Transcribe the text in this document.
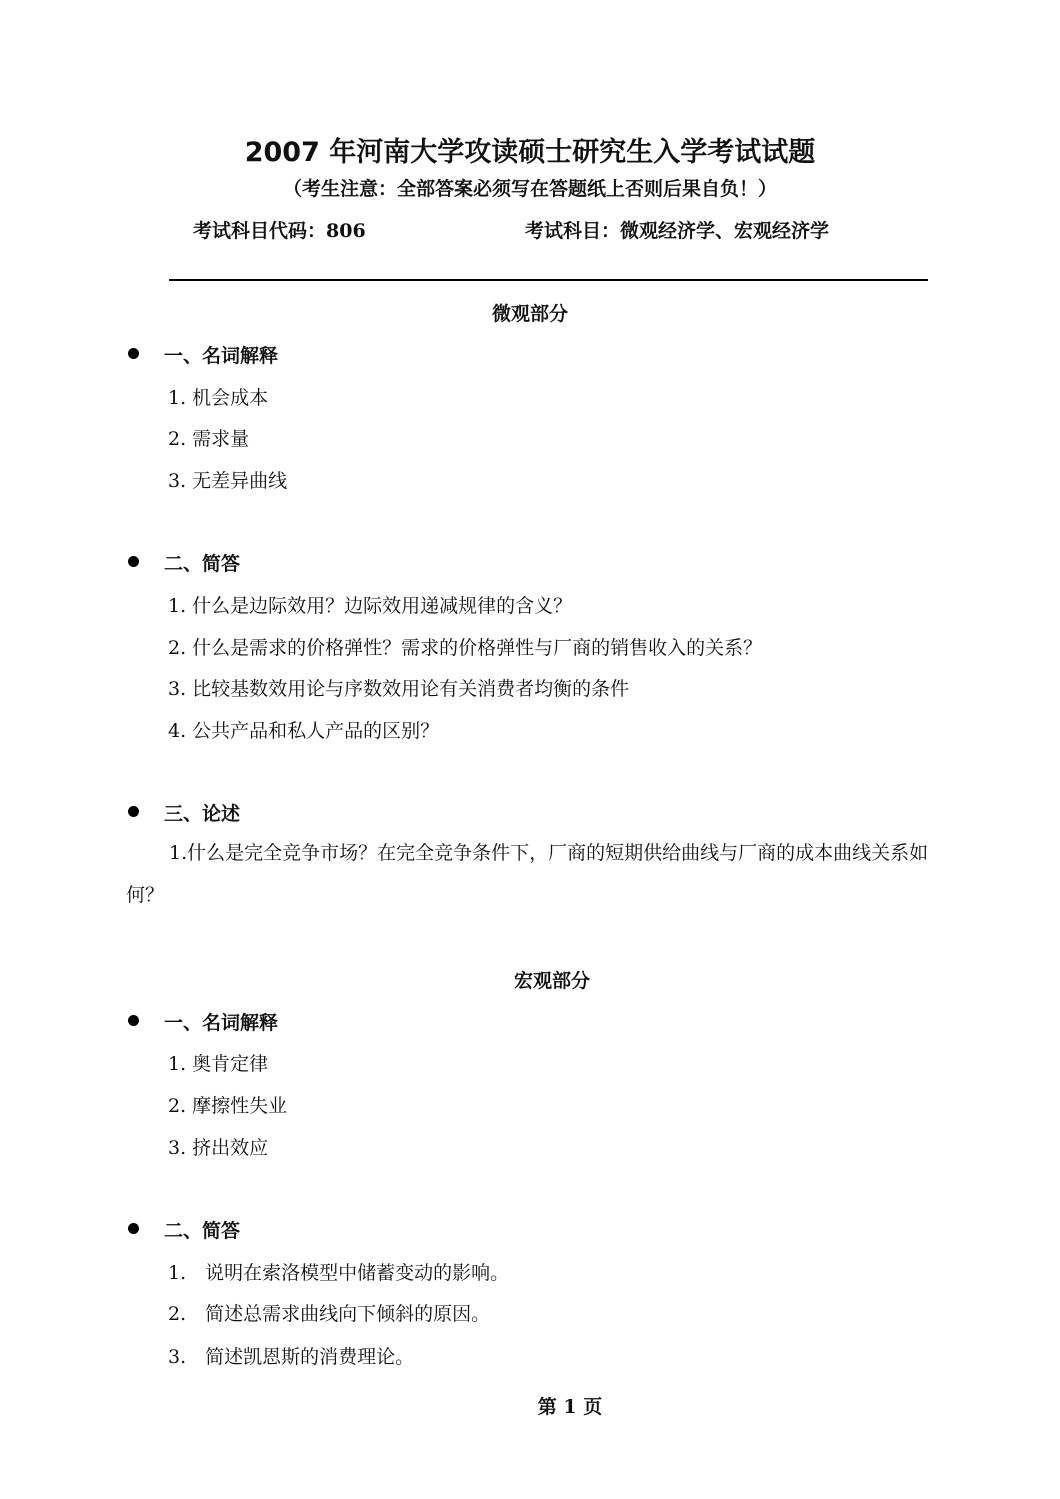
2007 年河南大学攻读硕士研究生入学考试试题
（考生注意：全部答案必须写在答题纸上否则后果自负！）
考试科目代码：806	考试科目：微观经济学、宏观经济学
微观部分
一、名词解释
1. 机会成本
2. 需求量
3. 无差异曲线
二、简答
1. 什么是边际效用？边际效用递减规律的含义？
2. 什么是需求的价格弹性？需求的价格弹性与厂商的销售收入的关系？
3. 比较基数效用论与序数效用论有关消费者均衡的条件
4. 公共产品和私人产品的区别？
三、论述
1.什么是完全竞争市场？在完全竞争条件下，厂商的短期供给曲线与厂商的成本曲线关系如何？
宏观部分
一、名词解释
1. 奥肯定律
2. 摩擦性失业
3. 挤出效应
二、简答
1.　说明在索洛模型中储蓄变动的影响。
2.　简述总需求曲线向下倾斜的原因。
3.　简述凯恩斯的消费理论。
第 1 页
